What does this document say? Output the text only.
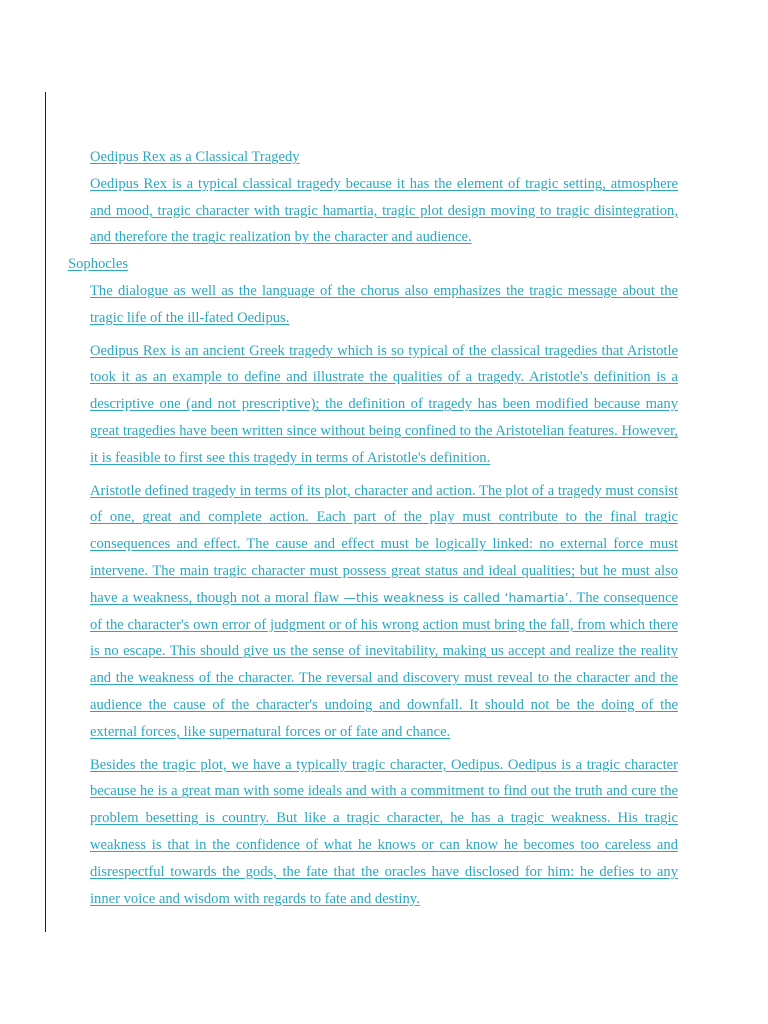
Oedipus Rex as a Classical Tragedy
Oedipus Rex is a typical classical tragedy because it has the element of tragic setting, atmosphere and mood, tragic character with tragic hamartia, tragic plot design moving to tragic disintegration, and therefore the tragic realization by the character and audience.
Sophocles
The dialogue as well as the language of the chorus also emphasizes the tragic message about the tragic life of the ill-fated Oedipus.
Oedipus Rex is an ancient Greek tragedy which is so typical of the classical tragedies that Aristotle took it as an example to define and illustrate the qualities of a tragedy. Aristotle's definition is a descriptive one (and not prescriptive); the definition of tragedy has been modified because many great tragedies have been written since without being confined to the Aristotelian features. However, it is feasible to first see this tragedy in terms of Aristotle's definition.
Aristotle defined tragedy in terms of its plot, character and action. The plot of a tragedy must consist of one, great and complete action. Each part of the play must contribute to the final tragic consequences and effect. The cause and effect must be logically linked: no external force must intervene. The main tragic character must possess great status and ideal qualities; but he must also have a weakness, though not a moral flaw —this weakness is called ‘hamartia’. The consequence of the character's own error of judgment or of his wrong action must bring the fall, from which there is no escape. This should give us the sense of inevitability, making us accept and realize the reality and the weakness of the character. The reversal and discovery must reveal to the character and the audience the cause of the character's undoing and downfall. It should not be the doing of the external forces, like supernatural forces or of fate and chance.
Besides the tragic plot, we have a typically tragic character, Oedipus. Oedipus is a tragic character because he is a great man with some ideals and with a commitment to find out the truth and cure the problem besetting is country. But like a tragic character, he has a tragic weakness. His tragic weakness is that in the confidence of what he knows or can know he becomes too careless and disrespectful towards the gods, the fate that the oracles have disclosed for him: he defies to any inner voice and wisdom with regards to fate and destiny.
